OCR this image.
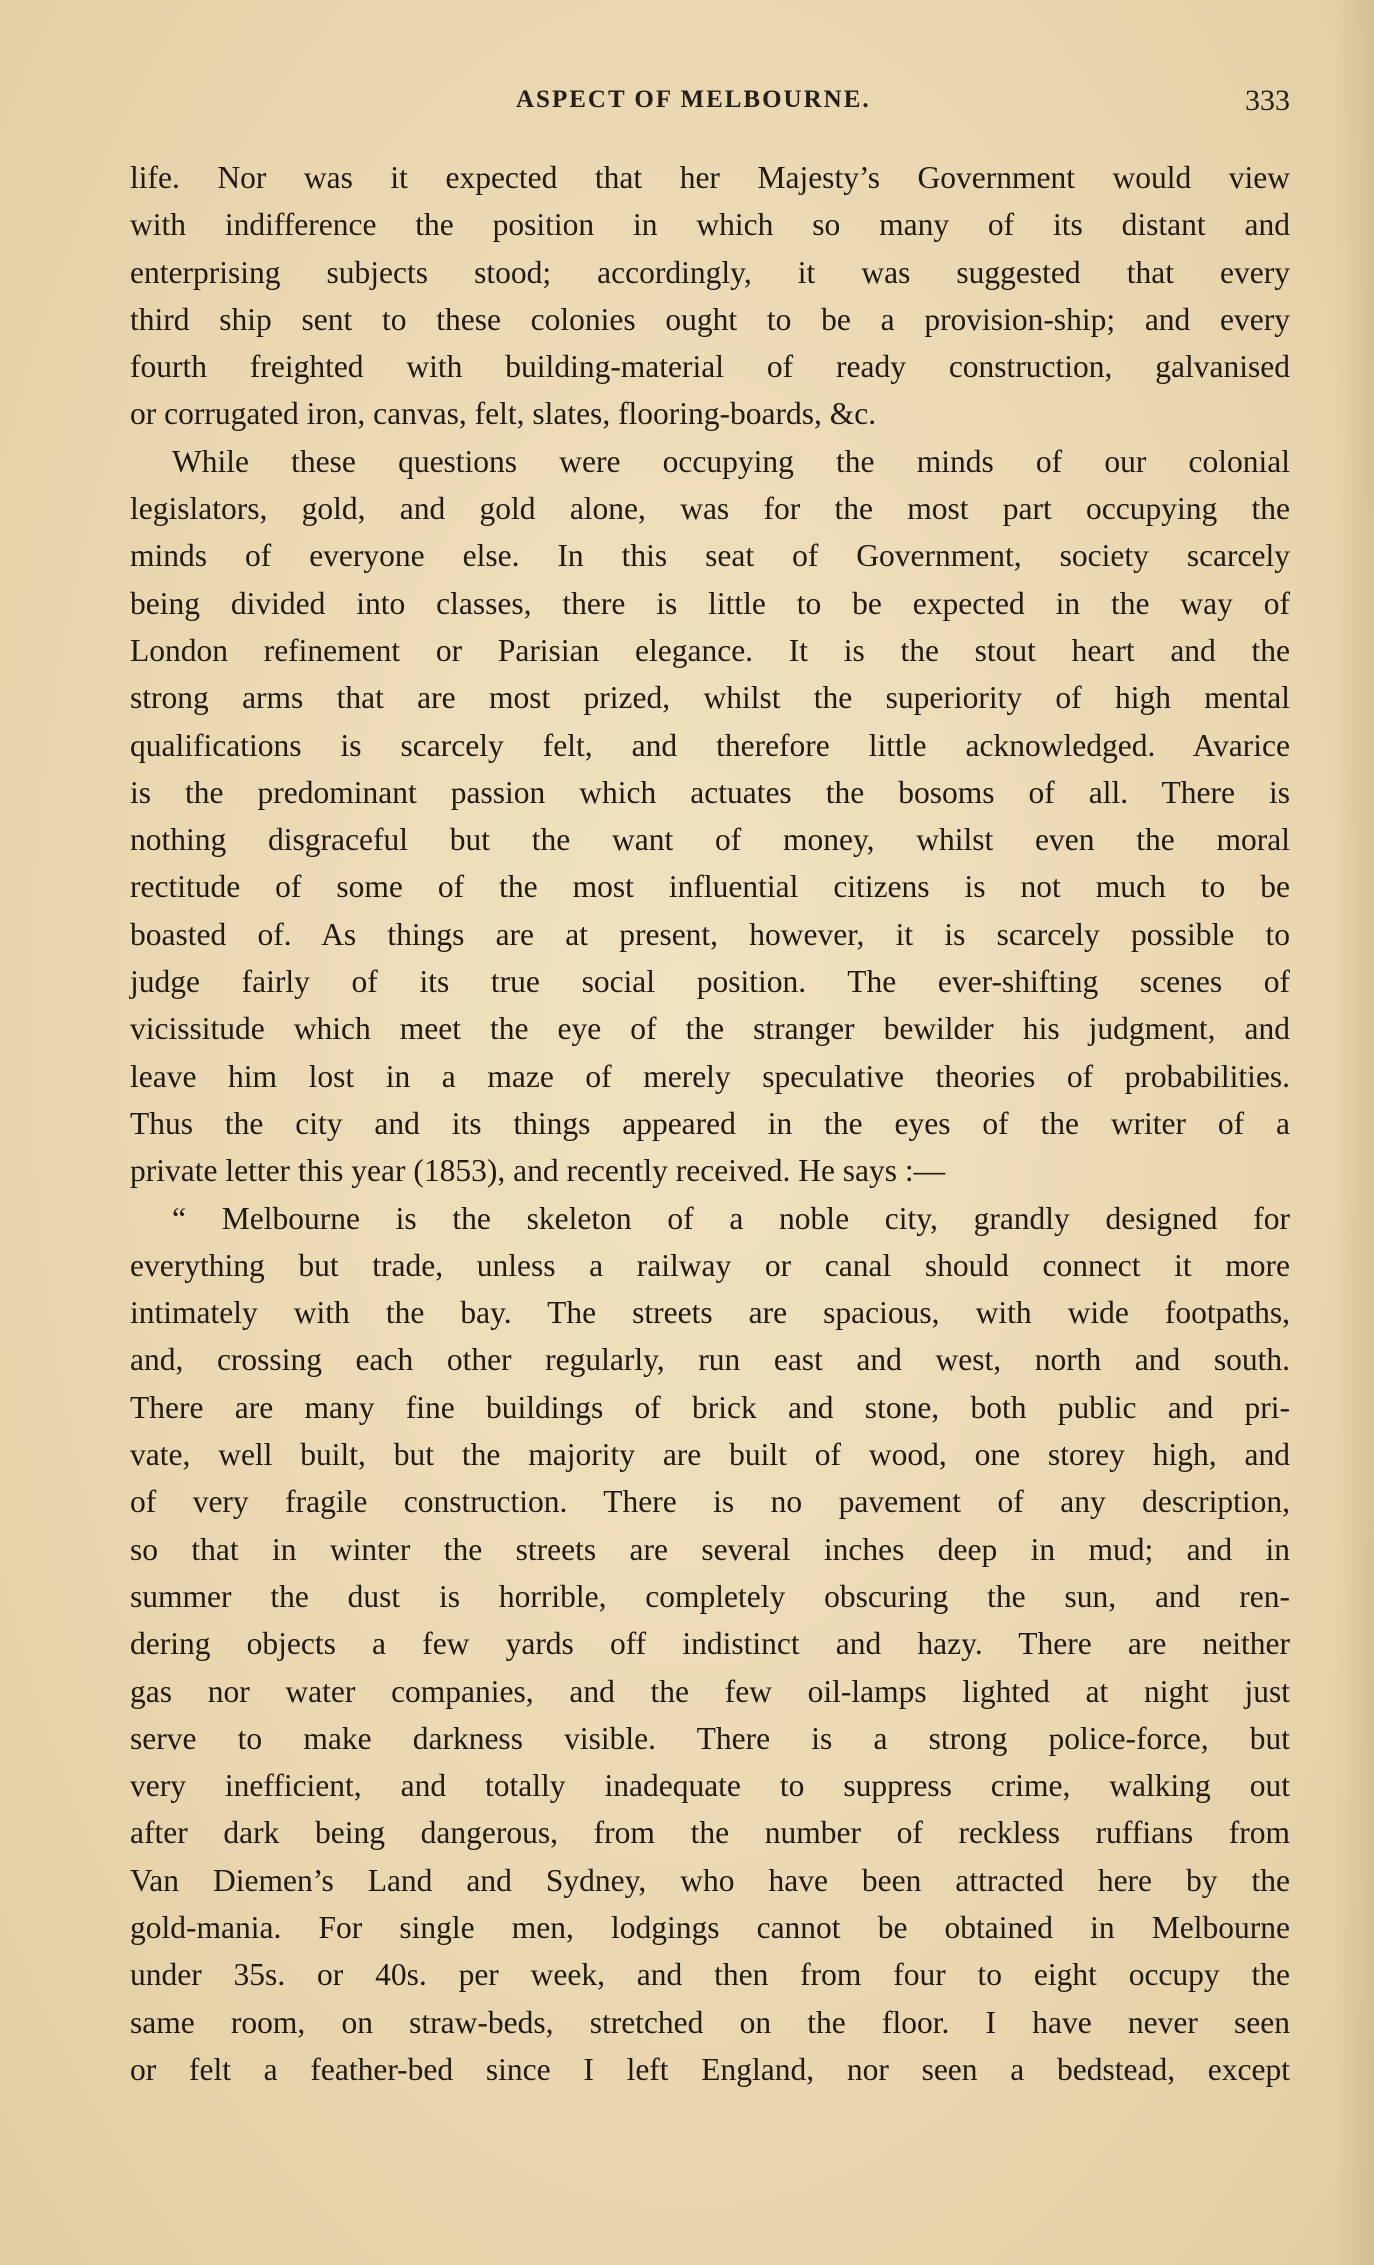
ASPECT OF MELBOURNE.	333
life. Nor was it expected that her Majesty’s Government would view
with indifference the position in which so many of its distant and
enterprising subjects stood; accordingly, it was suggested that every
third ship sent to these colonies ought to be a provision-ship; and every
fourth freighted with building-material of ready construction, galvanised
or corrugated iron, canvas, felt, slates, flooring-boards, &c.
While these questions were occupying the minds of our colonial
legislators, gold, and gold alone, was for the most part occupying the
minds of everyone else. In this seat of Government, society scarcely
being divided into classes, there is little to be expected in the way of
London refinement or Parisian elegance. It is the stout heart and the
strong arms that are most prized, whilst the superiority of high mental
qualifications is scarcely felt, and therefore little acknowledged. Avarice
is the predominant passion which actuates the bosoms of all. There is
nothing disgraceful but the want of money, whilst even the moral
rectitude of some of the most influential citizens is not much to be
boasted of. As things are at present, however, it is scarcely possible to
judge fairly of its true social position. The ever-shifting scenes of
vicissitude which meet the eye of the stranger bewilder his judgment, and
leave him lost in a maze of merely speculative theories of probabilities.
Thus the city and its things appeared in the eyes of the writer of a
private letter this year (1853), and recently received. He says :—
“ Melbourne is the skeleton of a noble city, grandly designed for
everything but trade, unless a railway or canal should connect it more
intimately with the bay. The streets are spacious, with wide footpaths,
and, crossing each other regularly, run east and west, north and south.
There are many fine buildings of brick and stone, both public and pri-
vate, well built, but the majority are built of wood, one storey high, and
of very fragile construction. There is no pavement of any description,
so that in winter the streets are several inches deep in mud; and in
summer the dust is horrible, completely obscuring the sun, and ren-
dering objects a few yards off indistinct and hazy. There are neither
gas nor water companies, and the few oil-lamps lighted at night just
serve to make darkness visible. There is a strong police-force, but
very inefficient, and totally inadequate to suppress crime, walking out
after dark being dangerous, from the number of reckless ruffians from
Van Diemen’s Land and Sydney, who have been attracted here by the
gold-mania. For single men, lodgings cannot be obtained in Melbourne
under 35s. or 40s. per week, and then from four to eight occupy the
same room, on straw-beds, stretched on the floor. I have never seen
or felt a feather-bed since I left England, nor seen a bedstead, except
